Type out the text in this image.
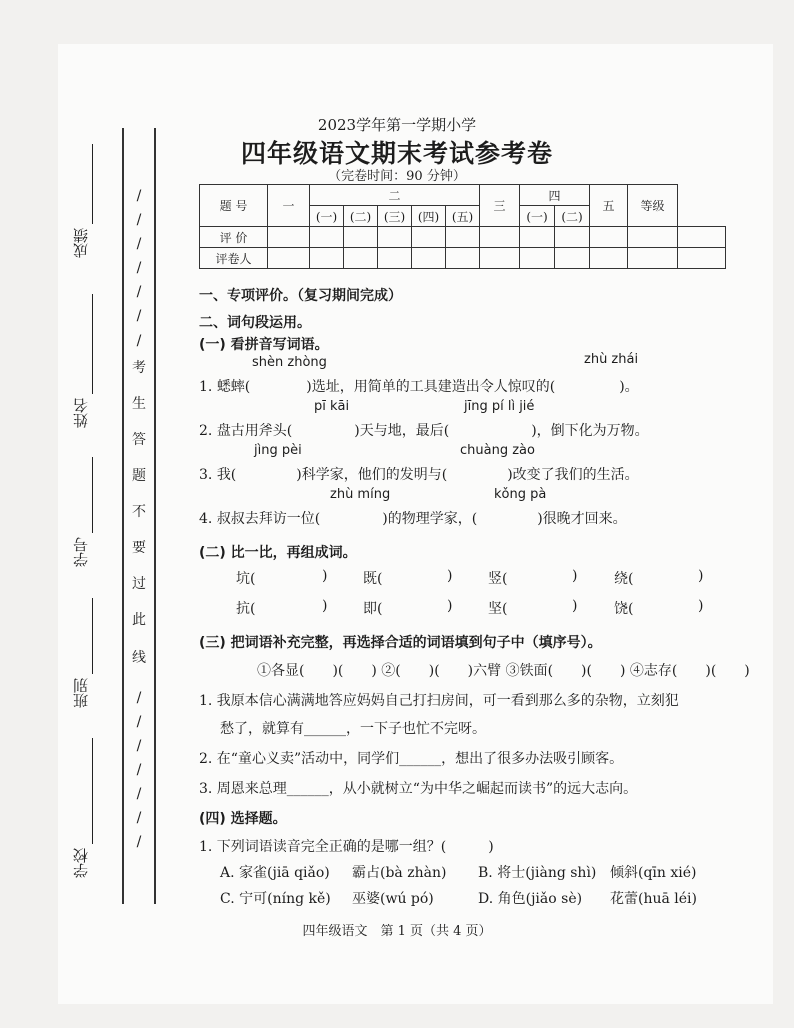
成绩
姓名
学号
班别
学校
2023学年第一学期小学
四年级语文期末考试参考卷
（完卷时间：90 分钟）
题 号	一	二					三	四		五	等级	
		(一)	(二)	(三)	(四)	(五)		(一)	(二)			
评 价												
评卷人												
一、专项评价。（复习期间完成）
二、词句段运用。
(一) 看拼音写词语。
shèn zhòng	zhù zhái
1. 蟋蟀(	)选址，用简单的工具建造出令人惊叹的(	)。
pī kāi	jīng pí lì jié
2. 盘古用斧头(	)天与地，最后(	)，倒下化为万物。
jìng pèi	chuàng zào
3. 我(	)科学家，他们的发明与(	)改变了我们的生活。
zhù míng	kǒng pà
4. 叔叔去拜访一位(	)的物理学家，(	)很晚才回来。
(二) 比一比，再组成词。
(三) 把词语补充完整，再选择合适的词语填到句子中（填序号）。
①各显(　　)(　　) ②(　　)(　　)六臂 ③铁面(　　)(　　) ④志存(　　)(　　)
1. 我原本信心满满地答应妈妈自己打扫房间，可一看到那么多的杂物，立刻犯
愁了，就算有______，一下子也忙不完呀。
2. 在“童心义卖”活动中，同学们______，想出了很多办法吸引顾客。
3. 周恩来总理______，从小就树立“为中华之崛起而读书”的远大志向。
(四) 选择题。
1. 下列词语读音完全正确的是哪一组？(　　　)
A. 家雀(jiā qiǎo) 霸占(bà zhàn) B. 将士(jiàng shì) 倾斜(qīn xié)
C. 宁可(níng kě) 巫婆(wú pó)	D. 角色(jiǎo sè) 花蕾(huā léi)
四年级语文　第 1 页（共 4 页）
/
/
/
/
/
/
/
/
/
/
/
/
/
/
考
生
答
题
不
要
过
此
线
坑(	)	既(	)	竖(	)	绕(	)
抗(	)	即(	)	坚(	)	饶(	)
